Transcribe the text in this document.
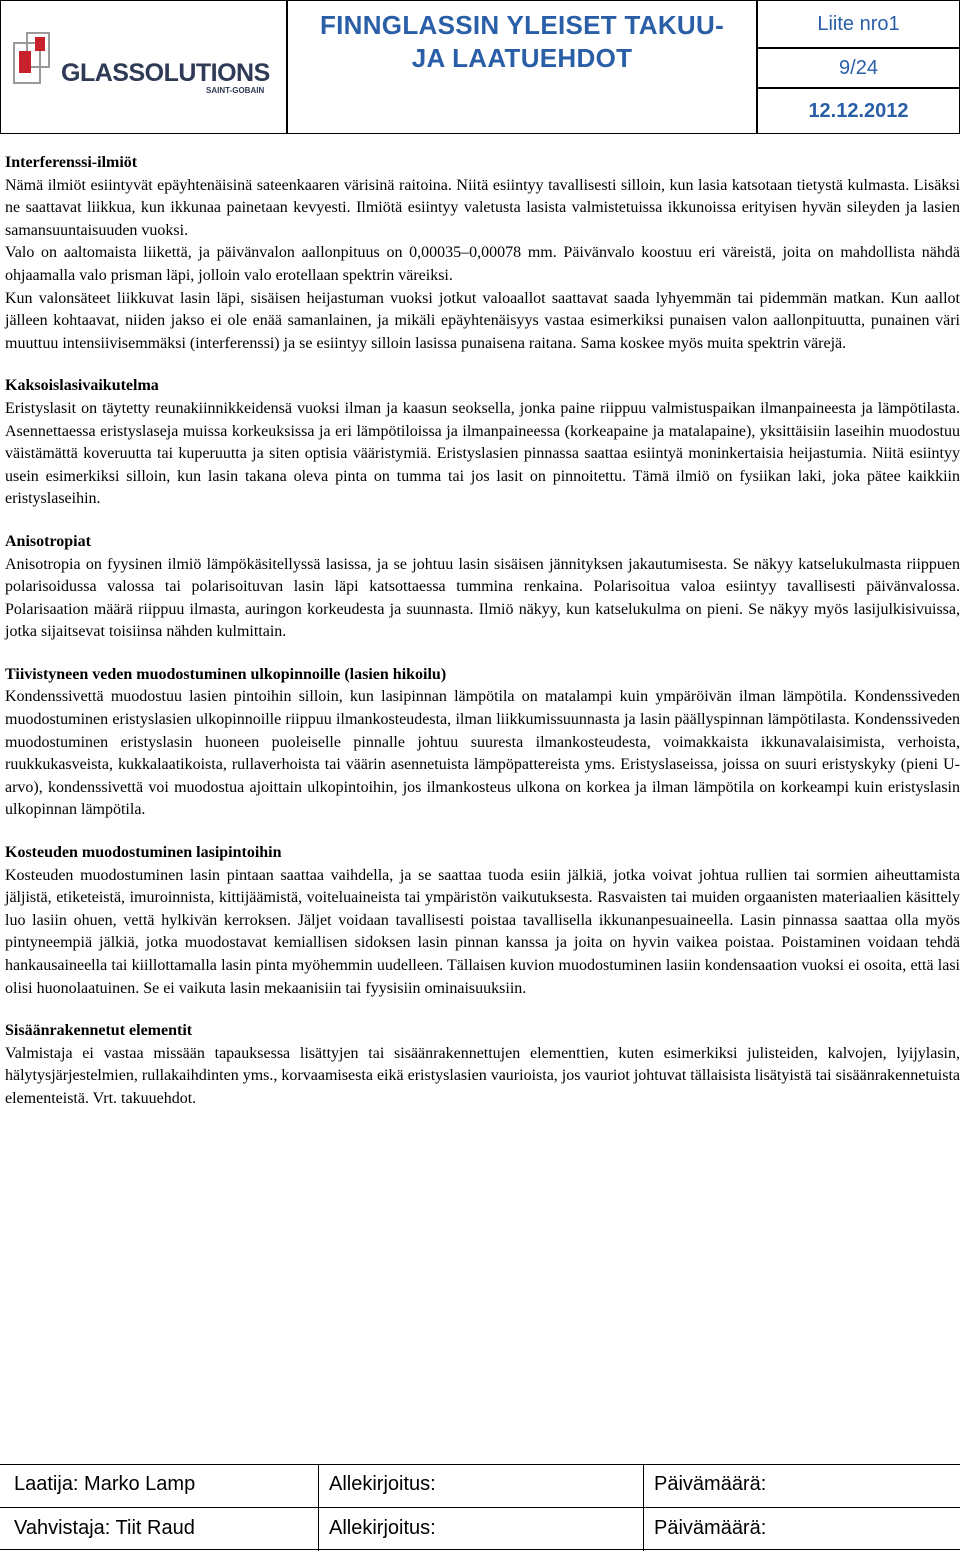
GLASSOLUTIONS
SAINT-GOBAIN
FINNGLASSIN YLEISET TAKUU-
JA LAATUEHDOT
Liite nro1
9/24
12.12.2012

Interferenssi-ilmiöt

Nämä ilmiöt esiintyvät epäyhtenäisinä sateenkaaren värisinä raitoina. Niitä esiintyy tavallisesti silloin, kun lasia katsotaan tietystä kulmasta. Lisäksi ne saattavat liikkua, kun ikkunaa painetaan kevyesti. Ilmiötä esiintyy valetusta lasista valmistetuissa ikkunoissa erityisen hyvän sileyden ja lasien samansuuntaisuuden vuoksi.

Valo on aaltomaista liikettä, ja päivänvalon aallonpituus on 0,00035–0,00078 mm. Päivänvalo koostuu eri väreistä, joita on mahdollista nähdä ohjaamalla valo prisman läpi, jolloin valo erotellaan spektrin väreiksi.

Kun valonsäteet liikkuvat lasin läpi, sisäisen heijastuman vuoksi jotkut valoaallot saattavat saada lyhyemmän tai pidemmän matkan. Kun aallot jälleen kohtaavat, niiden jakso ei ole enää samanlainen, ja mikäli epäyhtenäisyys vastaa esimerkiksi punaisen valon aallonpituutta, punainen väri muuttuu intensiivisemmäksi (interferenssi) ja se esiintyy silloin lasissa punaisena raitana. Sama koskee myös muita spektrin värejä.

Kaksoislasivaikutelma

Eristyslasit on täytetty reunakiinnikkeidensä vuoksi ilman ja kaasun seoksella, jonka paine riippuu valmistuspaikan ilmanpaineesta ja lämpötilasta. Asennettaessa eristyslaseja muissa korkeuksissa ja eri lämpötiloissa ja ilmanpaineessa (korkeapaine ja matalapaine), yksittäisiin laseihin muodostuu väistämättä koveruutta tai kuperuutta ja siten optisia vääristymiä. Eristyslasien pinnassa saattaa esiintyä moninkertaisia heijastumia. Niitä esiintyy usein esimerkiksi silloin, kun lasin takana oleva pinta on tumma tai jos lasit on pinnoitettu. Tämä ilmiö on fysiikan laki, joka pätee kaikkiin eristyslaseihin.

Anisotropiat

Anisotropia on fyysinen ilmiö lämpökäsitellyssä lasissa, ja se johtuu lasin sisäisen jännityksen jakautumisesta. Se näkyy katselukulmasta riippuen polarisoidussa valossa tai polarisoituvan lasin läpi katsottaessa tummina renkaina. Polarisoitua valoa esiintyy tavallisesti päivänvalossa. Polarisaation määrä riippuu ilmasta, auringon korkeudesta ja suunnasta. Ilmiö näkyy, kun katselukulma on pieni. Se näkyy myös lasijulkisivuissa, jotka sijaitsevat toisiinsa nähden kulmittain.

Tiivistyneen veden muodostuminen ulkopinnoille (lasien hikoilu)

Kondenssivettä muodostuu lasien pintoihin silloin, kun lasipinnan lämpötila on matalampi kuin ympäröivän ilman lämpötila. Kondenssiveden muodostuminen eristyslasien ulkopinnoille riippuu ilmankosteudesta, ilman liikkumissuunnasta ja lasin päällyspinnan lämpötilasta. Kondenssiveden muodostuminen eristyslasin huoneen puoleiselle pinnalle johtuu suuresta ilmankosteudesta, voimakkaista ikkunavalaisimista, verhoista, ruukkukasveista, kukkalaatikoista, rullaverhoista tai väärin asennetuista lämpöpattereista yms. Eristyslaseissa, joissa on suuri eristyskyky (pieni U-arvo), kondenssivettä voi muodostua ajoittain ulkopintoihin, jos ilmankosteus ulkona on korkea ja ilman lämpötila on korkeampi kuin eristyslasin ulkopinnan lämpötila.

Kosteuden muodostuminen lasipintoihin

Kosteuden muodostuminen lasin pintaan saattaa vaihdella, ja se saattaa tuoda esiin jälkiä, jotka voivat johtua rullien tai sormien aiheuttamista jäljistä, etiketeistä, imuroinnista, kittijäämistä, voiteluaineista tai ympäristön vaikutuksesta. Rasvaisten tai muiden orgaanisten materiaalien käsittely luo lasiin ohuen, vettä hylkivän kerroksen. Jäljet voidaan tavallisesti poistaa tavallisella ikkunanpesuaineella. Lasin pinnassa saattaa olla myös pintyneempiä jälkiä, jotka muodostavat kemiallisen sidoksen lasin pinnan kanssa ja joita on hyvin vaikea poistaa. Poistaminen voidaan tehdä hankausaineella tai kiillottamalla lasin pinta myöhemmin uudelleen. Tällaisen kuvion muodostuminen lasiin kondensaation vuoksi ei osoita, että lasi olisi huonolaatuinen. Se ei vaikuta lasin mekaanisiin tai fyysisiin ominaisuuksiin.

Sisäänrakennetut elementit

Valmistaja ei vastaa missään tapauksessa lisättyjen tai sisäänrakennettujen elementtien, kuten esimerkiksi julisteiden, kalvojen, lyijylasin, hälytysjärjestelmien, rullakaihdinten yms., korvaamisesta eikä eristyslasien vaurioista, jos vauriot johtuvat tällaisista lisätyistä tai sisäänrakennetuista elementeistä. Vrt. takuuehdot.

Laatija: Marko Lamp	Allekirjoitus:	Päivämäärä:
Vahvistaja: Tiit Raud	Allekirjoitus:	Päivämäärä:
